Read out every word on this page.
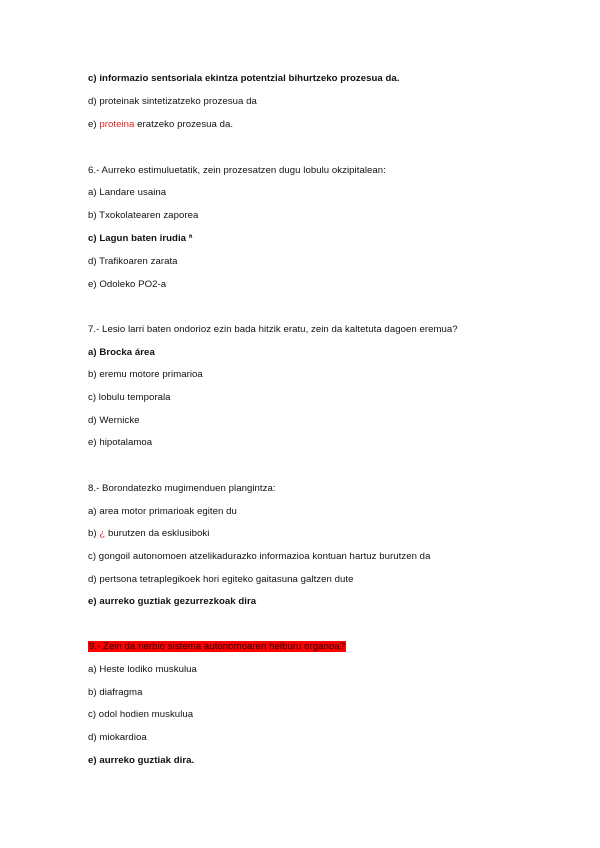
c) informazio sentsoriala ekintza potentzial bihurtzeko prozesua da.
d) proteinak sintetizatzeko prozesua da
e) proteina eratzeko prozesua da.
6.- Aurreko estimuluetatik, zein prozesatzen dugu lobulu okzipitalean:
a) Landare usaina
b) Txokolatearen zaporea
c) Lagun baten irudia ª
d) Trafikoaren zarata
e) Odoleko PO2-a
7.- Lesio larri baten ondorioz ezin bada hitzik eratu, zein da kaltetuta dagoen eremua?
a) Brocka área
b) eremu motore primarioa
c) lobulu temporala
d) Wernicke
e) hipotalamoa
8.- Borondatezko mugimenduen plangintza:
a) area motor primarioak egiten du
b) ¿ burutzen da esklusiboki
c) gongoil autonomoen atzelikadurazko informazioa kontuan hartuz burutzen da
d) pertsona tetraplegikoek hori egiteko gaitasuna galtzen dute
e) aurreko guztiak gezurrezkoak dira
9.- Zein da nerbio sistema autonomoaren helburu organoa?
a) Heste lodiko muskulua
b) diafragma
c) odol hodien muskulua
d) miokardioa
e) aurreko guztiak dira.
